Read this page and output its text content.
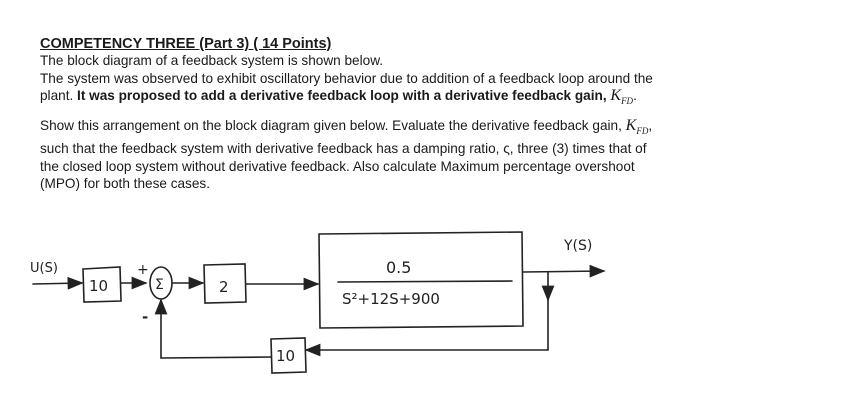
COMPETENCY THREE (Part 3) ( 14 Points)

The block diagram of a feedback system is shown below.

The system was observed to exhibit oscillatory behavior due to addition of a feedback loop around the

plant. It was proposed to add a derivative feedback loop with a derivative feedback gain, $K_{FD}$.

Show this arrangement on the block diagram given below. Evaluate the derivative feedback gain, $K_{FD}$,

such that the feedback system with derivative feedback has a damping ratio, ς, three (3) times that of

the closed loop system without derivative feedback. Also calculate Maximum percentage overshoot

(MPO) for both these cases.

U(S)
10
+
Σ
-
2
0.5
S²+12S+900
Y(S)
10
